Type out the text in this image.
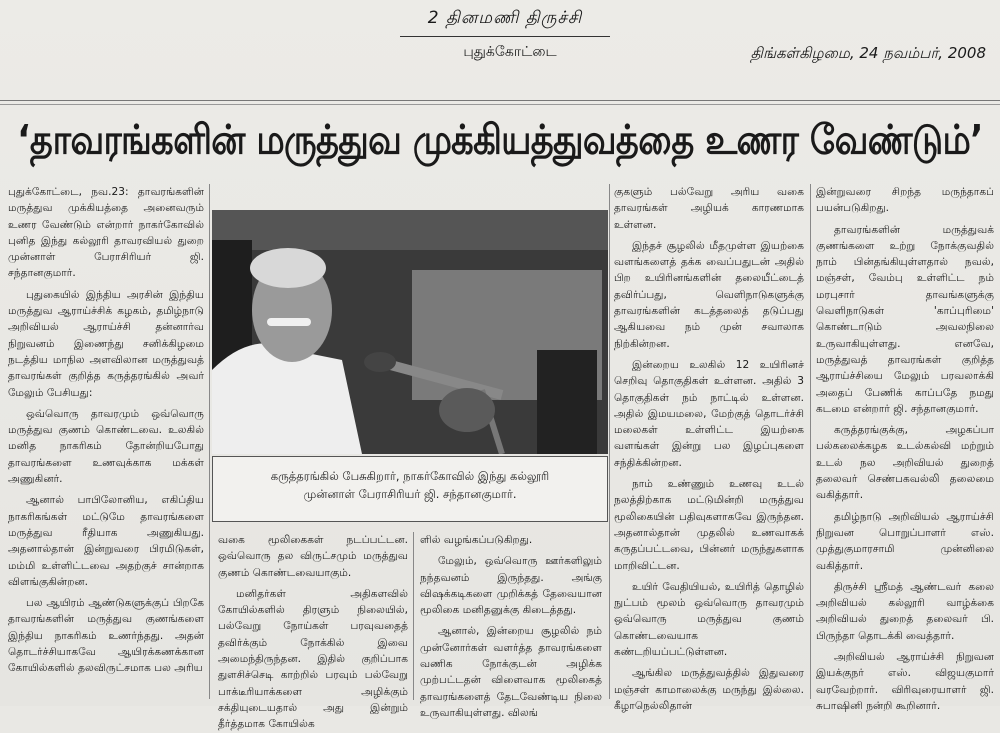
2 தினமணி திருச்சி
புதுக்கோட்டை	திங்கள்கிழமை, 24 நவம்பர், 2008
‘தாவரங்களின் மருத்துவ முக்கியத்துவத்தை உணர வேண்டும்’

புதுக்கோட்டை, நவ.23: தாவரங்களின் மருத்துவ முக்கியத்தை அனைவரும் உணர வேண்டும் என்றார் நாகர்கோவில் புனித இந்து கல்லூரி தாவரவியல் துறை முன்னாள் பேராசிரியர் ஜி. சந்தானகுமார்.

புதுகையில் இந்திய அரசின் இந்திய மருத்துவ ஆராய்ச்சிக் கழகம், தமிழ்நாடு அறிவியல் ஆராய்ச்சி தன்னார்வ நிறுவனம் இணைந்து சனிக்கிழமை நடத்திய மாநில அளவிலான மருத்துவத் தாவரங்கள் குறித்த கருத்தரங்கில் அவர் மேலும் பேசியது:

ஒவ்வொரு தாவரமும் ஒவ்வொரு மருத்துவ குணம் கொண்டவை. உலகில் மனித நாகரிகம் தோன்றியபோது தாவரங்களை உணவுக்காக மக்கள் அணுகினர்.

ஆனால் பாபிலோனிய, எகிப்திய நாகரிகங்கள் மட்டுமே தாவரங்களை மருத்துவ ரீதியாக அணுகியது. அதனால்தான் இன்றுவரை பிரமிடுகள், மம்மி உள்ளிட்டவை அதற்குச் சான்றாக விளங்குகின்றன.

பல ஆயிரம் ஆண்டுகளுக்குப் பிறகே தாவரங்களின் மருத்துவ குணங்களை இந்திய நாகரிகம் உணர்ந்தது. அதன் தொடர்ச்சியாகவே ஆயிரக்கணக்கான கோயில்களில் தலவிருட்சமாக பல அரிய

கருத்தரங்கில் பேசுகிறார், நாகர்கோவில் இந்து கல்லூரி
முன்னாள் பேராசிரியர் ஜி. சந்தானகுமார்.

வகை மூலிகைகள் நடப்பட்டன. ஒவ்வொரு தல விருட்சமும் மருத்துவ குணம் கொண்டவையாகும்.

மனிதர்கள் அதிகளவில் கோயில்களில் திரளும் நிலையில், பல்வேறு நோய்கள் பரவுவதைத் தவிர்க்கும் நோக்கில் இவை அமைந்திருந்தன. இதில் குறிப்பாக துளசிச்செடி காற்றில் பரவும் பல்வேறு பாக்டீரியாக்களை அழிக்கும் சக்தியுடையதால் அது இன்றும் தீர்த்தமாக கோயில்க

ளில் வழங்கப்படுகிறது.

மேலும், ஒவ்வொரு ஊர்களிலும் நந்தவனம் இருந்தது. அங்கு விஷக்கடிகளை முறிக்கத் தேவையான மூலிகை மனிதனுக்கு கிடைத்தது.

ஆனால், இன்றைய சூழலில் நம் முன்னோர்கள் வளர்த்த தாவரங்களை வணிக நோக்குடன் அழிக்க முற்பட்டதன் விளைவாக மூலிகைத் தாவரங்களைத் தேடவேண்டிய நிலை உருவாகியுள்ளது. விலங்

குகளும் பல்வேறு அரிய வகை தாவரங்கள் அழியக் காரணமாக உள்ளன.

இந்தச் சூழலில் மீதமுள்ள இயற்கை வளங்களைத் தக்க வைப்பதுடன் அதில் பிற உயிரினங்களின் தலையீட்டைத் தவிர்ப்பது, வெளிநாடுகளுக்கு தாவரங்களின் கடத்தலைத் தடுப்பது ஆகியவை நம் முன் சவாலாக நிற்கின்றன.

இன்றைய உலகில் 12 உயிரினச் செறிவு தொகுதிகள் உள்ளன. அதில் 3 தொகுதிகள் நம் நாட்டில் உள்ளன. அதில் இமயமலை, மேற்குத் தொடர்ச்சி மலைகள் உள்ளிட்ட இயற்கை வளங்கள் இன்று பல இழப்புகளை சந்திக்கின்றன.

நாம் உண்ணும் உணவு உடல் நலத்திற்காக மட்டுமின்றி மருத்துவ மூலிகையின் பதிவுகளாகவே இருந்தன. அதனால்தான் முதலில் உணவாகக் கருதப்பட்டவை, பின்னர் மருந்துகளாக மாறிவிட்டன.

உயிர் வேதியியல், உயிரித் தொழில் நுட்பம் மூலம் ஒவ்வொரு தாவரமும் ஒவ்வொரு மருத்துவ குணம் கொண்டவையாக கண்டறியப்பட்டுள்ளன.

ஆங்கில மருத்துவத்தில் இதுவரை மஞ்சள் காமாலைக்கு மருந்து இல்லை. கீழாநெல்லிதான்

இன்றுவரை சிறந்த மருந்தாகப் பயன்படுகிறது.

தாவரங்களின் மருத்துவக் குணங்களை உற்று நோக்குவதில் நாம் பின்தங்கியுள்ளதால் நவல், மஞ்சள், வேம்பு உள்ளிட்ட நம் மரபுசார் தாவங்களுக்கு வெளிநாடுகள் 'காப்புரிமை' கொண்டாடும் அவலநிலை உருவாகியுள்ளது. எனவே, மருத்துவத் தாவரங்கள் குறித்த ஆராய்ச்சியை மேலும் பரவலாக்கி அதைப் பேணிக் காப்பதே நமது கடமை என்றார் ஜி. சந்தானகுமார்.

கருத்தரங்குக்கு, அழகப்பா பல்கலைக்கழக உடல்கல்வி மற்றும் உடல் நல அறிவியல் துறைத் தலைவர் செண்பகவல்லி தலைமை வகித்தார்.

தமிழ்நாடு அறிவியல் ஆராய்ச்சி நிறுவன பொறுப்பாளர் எஸ். முத்துகுமாரசாமி முன்னிலை வகித்தார்.

திருச்சி ஸ்ரீமத் ஆண்டவர் கலை அறிவியல் கல்லூரி வாழ்க்கை அறிவியல் துறைத் தலைவர் பி. பிருந்தா தொடக்கி வைத்தார்.

அறிவியல் ஆராய்ச்சி நிறுவன இயக்குநர் எஸ். விஜயகுமார் வரவேற்றார். விரிவுரையாளர் ஜி. சுபாஷினி நன்றி கூறினார்.
